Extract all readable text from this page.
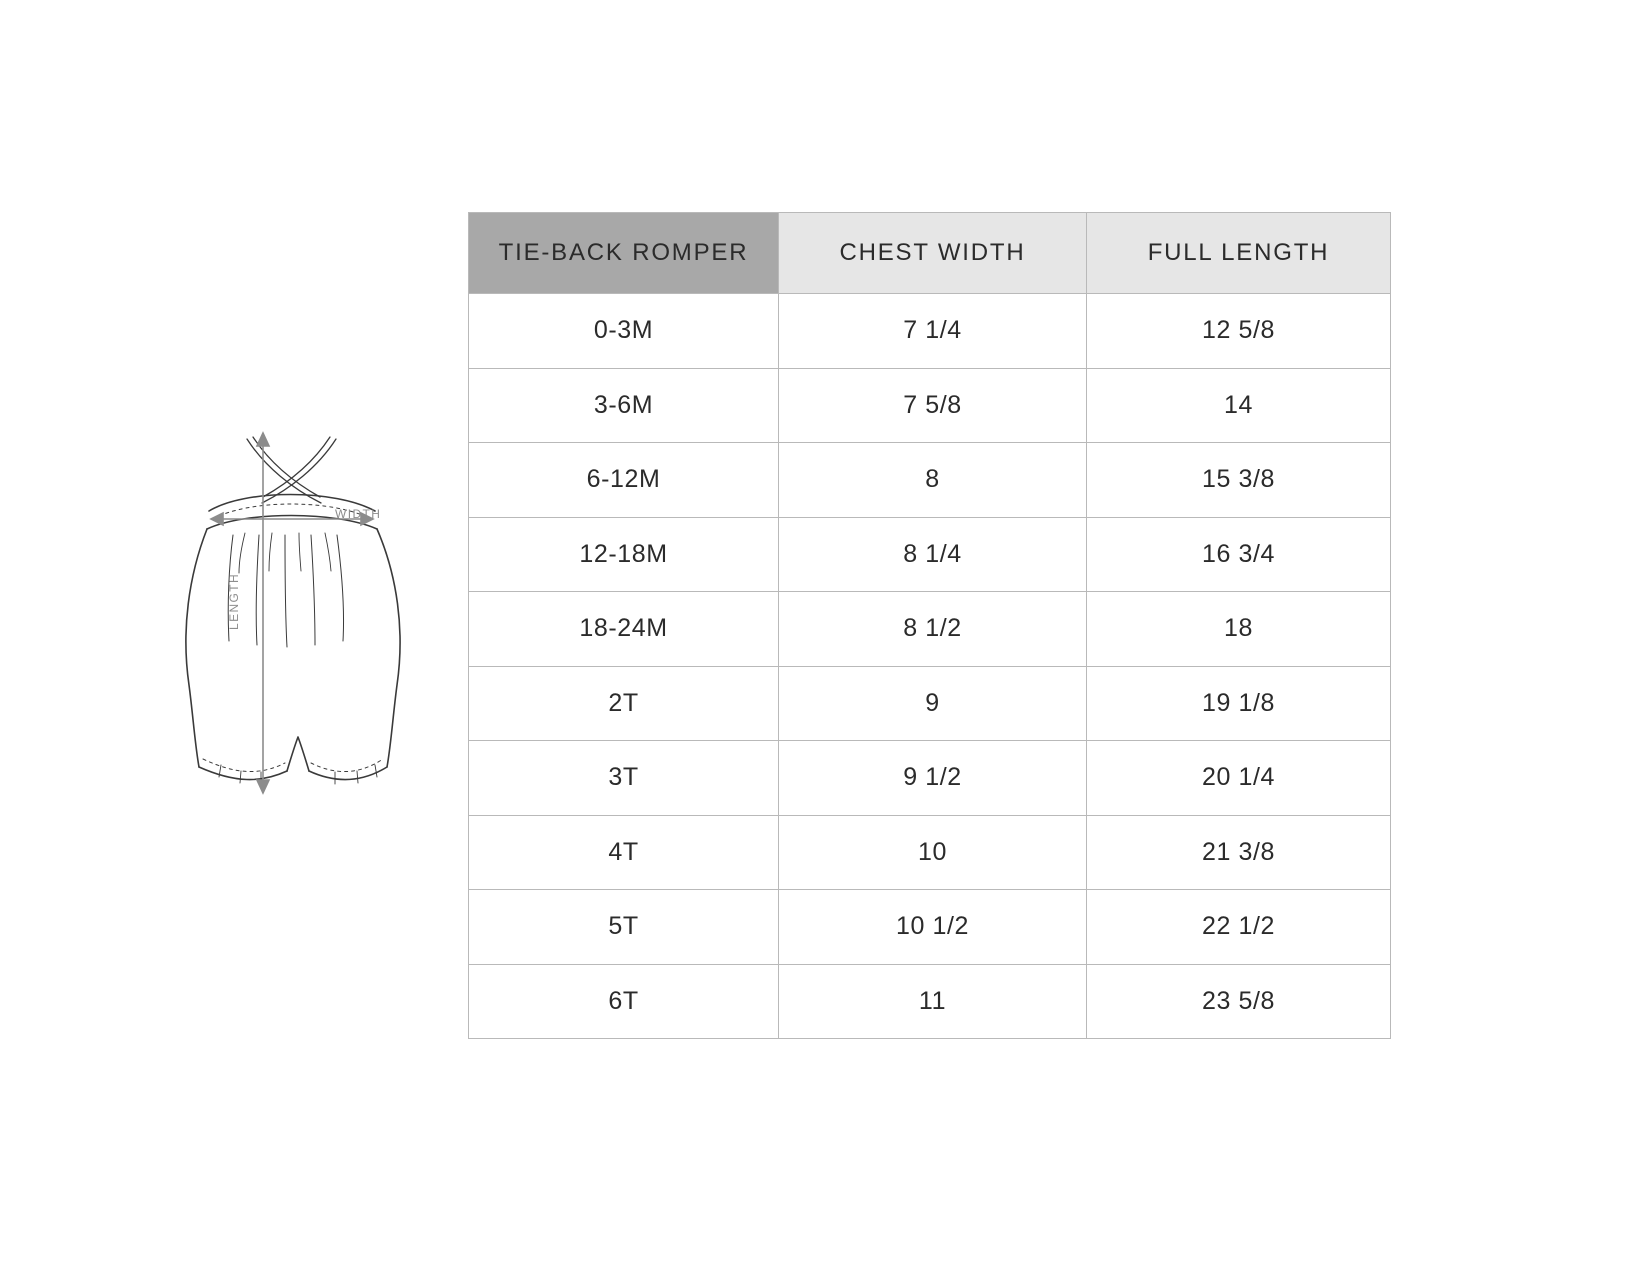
WIDTH
LENGTH
TIE-BACK ROMPER	CHEST WIDTH	FULL LENGTH
0-3M	7 1/4	12 5/8
3-6M	7 5/8	14
6-12M	8	15 3/8
12-18M	8 1/4	16 3/4
18-24M	8 1/2	18
2T	9	19 1/8
3T	9 1/2	20 1/4
4T	10	21 3/8
5T	10 1/2	22 1/2
6T	11	23 5/8
